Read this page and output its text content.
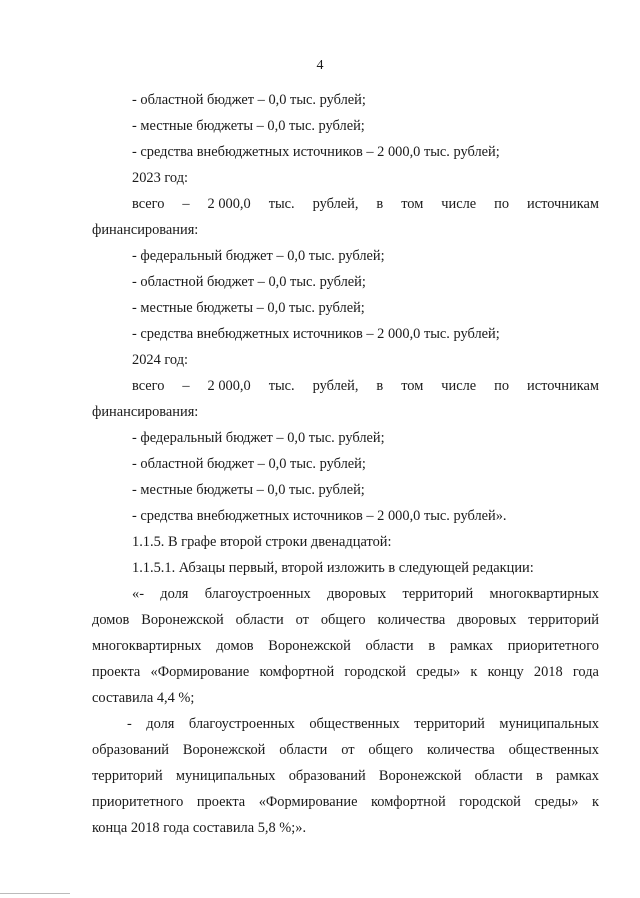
4
- областной бюджет – 0,0 тыс. рублей;
- местные бюджеты – 0,0 тыс. рублей;
- средства внебюджетных источников – 2 000,0 тыс. рублей;
2023 год:
всего – 2 000,0 тыс. рублей, в том числе по источникам
финансирования:
- федеральный бюджет – 0,0 тыс. рублей;
- областной бюджет – 0,0 тыс. рублей;
- местные бюджеты – 0,0 тыс. рублей;
- средства внебюджетных источников – 2 000,0 тыс. рублей;
2024 год:
всего – 2 000,0 тыс. рублей, в том числе по источникам
финансирования:
- федеральный бюджет – 0,0 тыс. рублей;
- областной бюджет – 0,0 тыс. рублей;
- местные бюджеты – 0,0 тыс. рублей;
- средства внебюджетных источников – 2 000,0 тыс. рублей».
1.1.5. В графе второй строки двенадцатой:
1.1.5.1. Абзацы первый, второй изложить в следующей редакции:
«- доля благоустроенных дворовых территорий многоквартирных
домов Воронежской области от общего количества дворовых территорий
многоквартирных домов Воронежской области в рамках приоритетного
проекта «Формирование комфортной городской среды» к концу 2018 года
составила 4,4 %;
- доля благоустроенных общественных территорий муниципальных
образований Воронежской области от общего количества общественных
территорий муниципальных образований Воронежской области в рамках
приоритетного проекта «Формирование комфортной городской среды» к
конца 2018 года составила 5,8 %;».
